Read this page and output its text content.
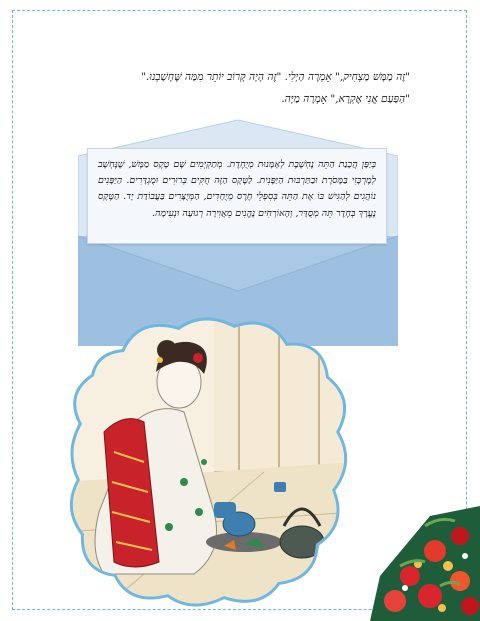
"זֶה מַמָּשׁ מַצְחִיק," אָמְרָה הַיְלִי. "זֶה הָיָה קָרוֹב יוֹתֵר מִמַּה שֶּׁחָשַׁבְנוּ."
"הַפַּעַם אֲנִי אֶקְרָא," אָמְרָה מַיָּה.

בְּיַפָּן הֲכָנַת הַתֵּה נֶחְשֶׁבֶת לְאָמָּנוּת מְיֻחֶדֶת. מְתַקְיְמִים שָׁם טֶקֶס מַמָּשׁ, שֶׁנֶּחְשָׁב לְמֶרְכָּזִי בַּמָּסֹרֶת וּבַתַּרְבּוּת הַיַּפָּנִית. לַטֶּקֶס הַזֶּה חֻקִּים בְּרוּרִים וּמֻגְדָּרִים. הַיַּפָּנִים נוֹהֲגִים לְהַגִּישׁ בּוֹ אֶת הַתֵּה בְּסִפְלֵי חֶרֶס מְיֻחָדִים, הַמְּיֻצָּרִים בַּעֲבוֹדַת יָד. הַטֶּקֶס נֶעֱרָךְ בְּחֶדֶר תֵּה מְסֻדָּר, וְהָאוֹרְחִים נֶהֱנִים מֵאֲוִירָה רְגוּעָה וּנְעִימָה.
